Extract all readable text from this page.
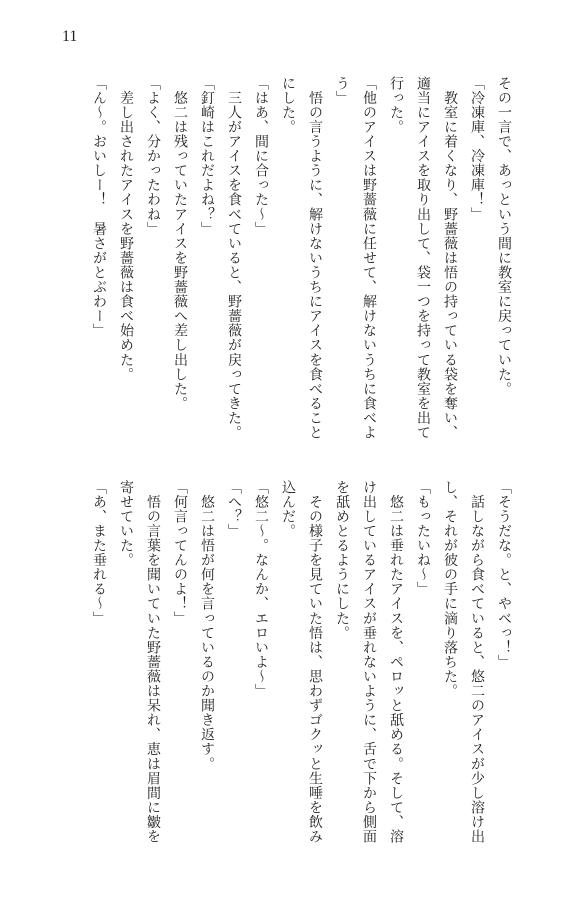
11
その一言で、あっという間に教室に戻っていた。
「冷凍庫、冷凍庫！」
　教室に着くなり、野薔薇は悟の持っている袋を奪い、
適当にアイスを取り出して、袋一つを持って教室を出て
行った。
「他のアイスは野薔薇に任せて、解けないうちに食べよ
う」
　悟の言うように、解けないうちにアイスを食べること
にした。
「はあ、間に合った～」
　三人がアイスを食べていると、野薔薇が戻ってきた。
「釘崎はこれだよね？」
　悠二は残っていたアイスを野薔薇へ差し出した。
「よく、分かったわね」
　差し出されたアイスを野薔薇は食べ始めた。
「ん～。おいしー！　暑さがとぶわー」
「そうだな。と、やべっ！」
　話しながら食べていると、悠二のアイスが少し溶け出
し、それが彼の手に滴り落ちた。
「もったいね～」
　悠二は垂れたアイスを、ペロッと舐める。そして、溶
け出しているアイスが垂れないように、舌で下から側面
を舐めとるようにした。
　その様子を見ていた悟は、思わずゴクッと生唾を飲み
込んだ。
「悠二～。なんか、エロいよ～」
「へ？」
　悠二は悟が何を言っているのか聞き返す。
「何言ってんのよ！」
　悟の言葉を聞いていた野薔薇は呆れ、恵は眉間に皺を
寄せていた。
「あ、また垂れる～」
